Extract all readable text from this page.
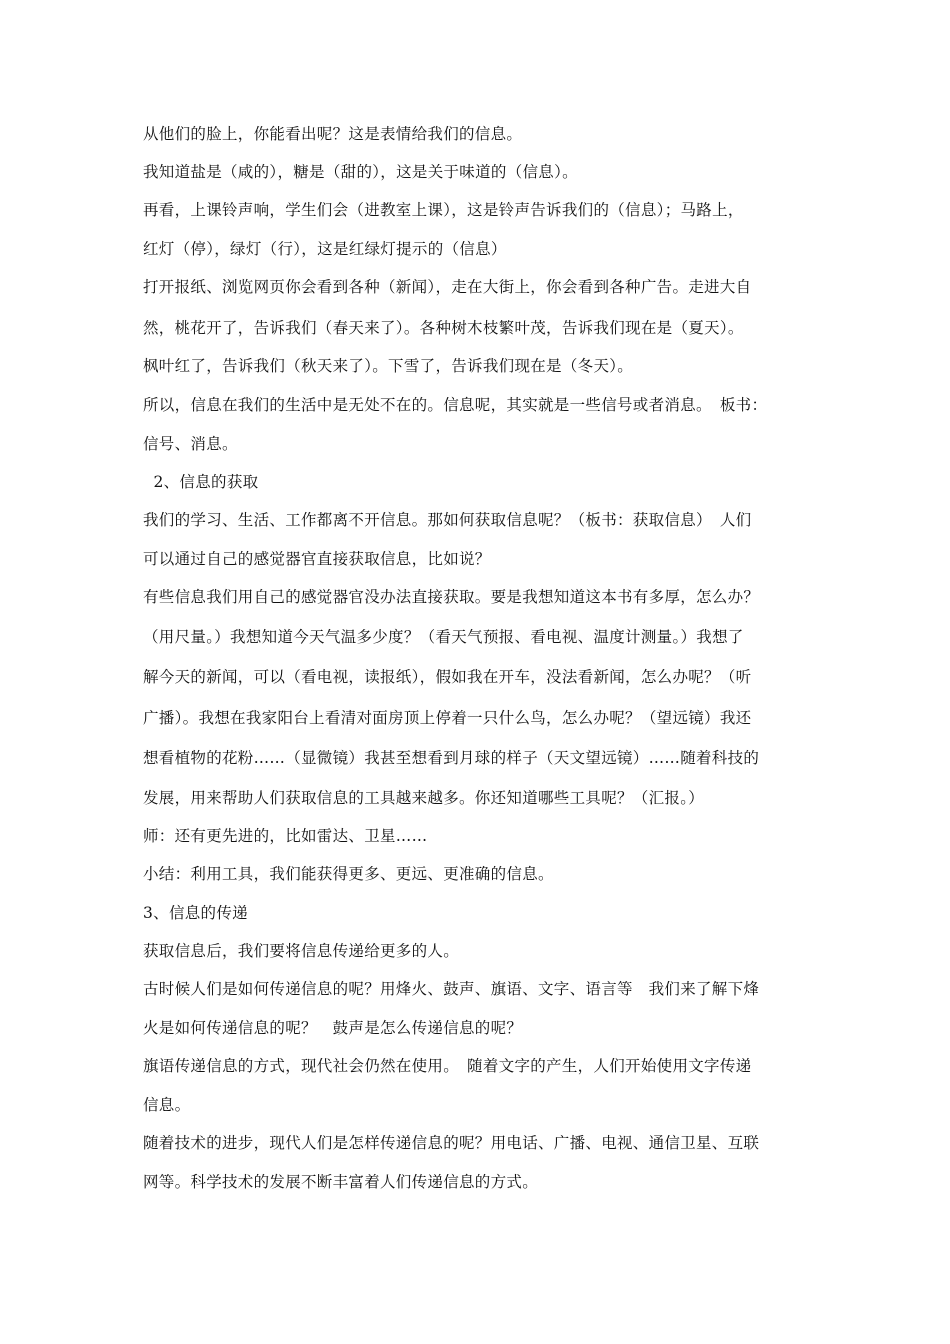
从他们的脸上，你能看出呢？这是表情给我们的信息。
我知道盐是（咸的），糖是（甜的），这是关于味道的（信息）。
再看，上课铃声响，学生们会（进教室上课），这是铃声告诉我们的（信息）；马路上，
红灯（停），绿灯（行），这是红绿灯提示的（信息）
打开报纸、浏览网页你会看到各种（新闻），走在大街上，你会看到各种广告。走进大自
然，桃花开了，告诉我们（春天来了）。各种树木枝繁叶茂，告诉我们现在是（夏天）。
枫叶红了，告诉我们（秋天来了）。下雪了，告诉我们现在是（冬天）。
所以，信息在我们的生活中是无处不在的。信息呢，其实就是一些信号或者消息。　板书：
信号、消息。
2、信息的获取
我们的学习、生活、工作都离不开信息。那如何获取信息呢？（板书：获取信息）　人们
可以通过自己的感觉器官直接获取信息，比如说？
有些信息我们用自己的感觉器官没办法直接获取。要是我想知道这本书有多厚，怎么办？
（用尺量。）我想知道今天气温多少度？（看天气预报、看电视、温度计测量。）我想了
解今天的新闻，可以（看电视，读报纸），假如我在开车，没法看新闻，怎么办呢？（听
广播）。我想在我家阳台上看清对面房顶上停着一只什么鸟，怎么办呢？（望远镜）我还
想看植物的花粉……（显微镜）我甚至想看到月球的样子（天文望远镜）……随着科技的
发展，用来帮助人们获取信息的工具越来越多。你还知道哪些工具呢？（汇报。）
师：还有更先进的，比如雷达、卫星……
小结：利用工具，我们能获得更多、更远、更准确的信息。
3、信息的传递
获取信息后，我们要将信息传递给更多的人。
古时候人们是如何传递信息的呢？用烽火、鼓声、旗语、文字、语言等　我们来了解下烽
火是如何传递信息的呢？　鼓声是怎么传递信息的呢？
旗语传递信息的方式，现代社会仍然在使用。　随着文字的产生，人们开始使用文字传递
信息。
随着技术的进步，现代人们是怎样传递信息的呢？用电话、广播、电视、通信卫星、互联
网等。科学技术的发展不断丰富着人们传递信息的方式。
